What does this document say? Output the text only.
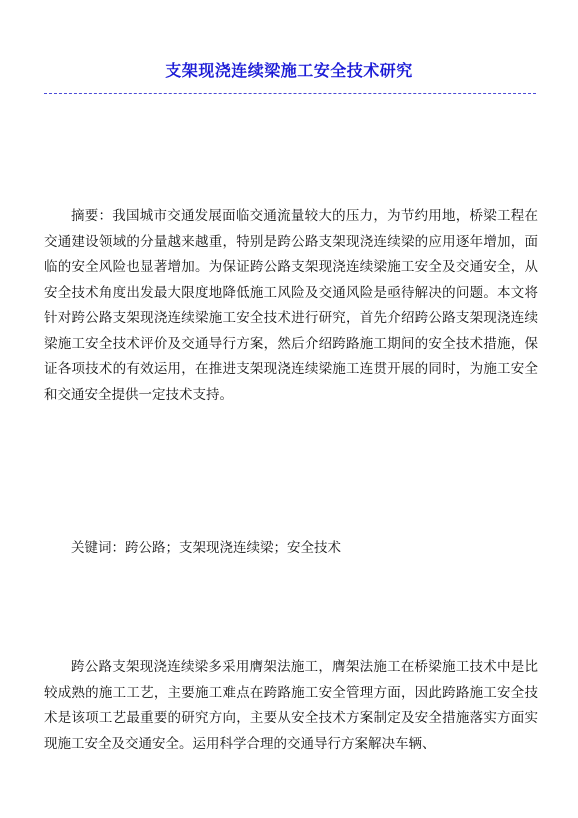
支架现浇连续梁施工安全技术研究

摘要：我国城市交通发展面临交通流量较大的压力，为节约用地，桥梁工程在交通建设领域的分量越来越重，特别是跨公路支架现浇连续梁的应用逐年增加，面临的安全风险也显著增加。为保证跨公路支架现浇连续梁施工安全及交通安全，从安全技术角度出发最大限度地降低施工风险及交通风险是亟待解决的问题。本文将针对跨公路支架现浇连续梁施工安全技术进行研究，首先介绍跨公路支架现浇连续梁施工安全技术评价及交通导行方案，然后介绍跨路施工期间的安全技术措施，保证各项技术的有效运用，在推进支架现浇连续梁施工连贯开展的同时，为施工安全和交通安全提供一定技术支持。

关键词：跨公路；支架现浇连续梁；安全技术

跨公路支架现浇连续梁多采用膺架法施工，膺架法施工在桥梁施工技术中是比较成熟的施工工艺，主要施工难点在跨路施工安全管理方面，因此跨路施工安全技术是该项工艺最重要的研究方向，主要从安全技术方案制定及安全措施落实方面实现施工安全及交通安全。运用科学合理的交通导行方案解决车辆、
